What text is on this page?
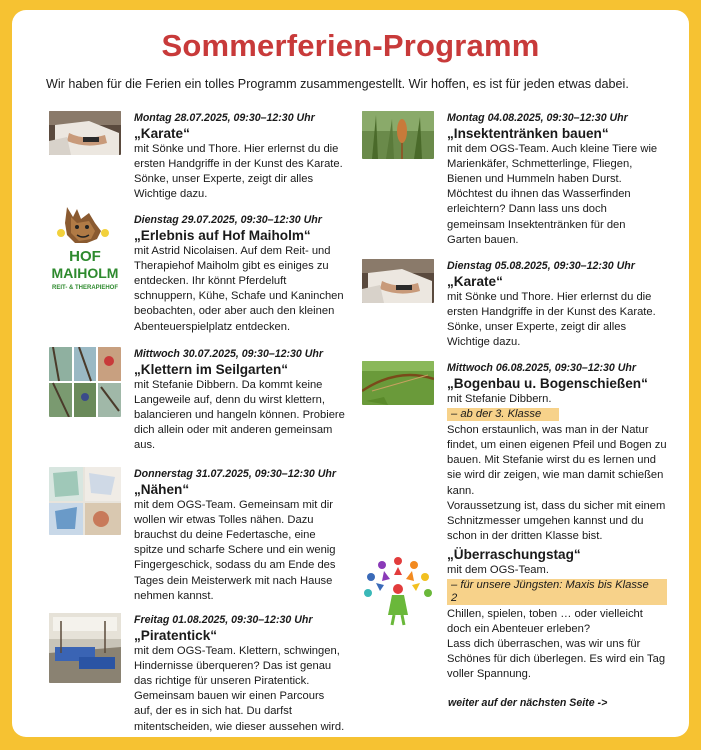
Sommerferien-Programm
Wir haben für die Ferien ein tolles Programm zusammengestellt. Wir hoffen, es ist für jeden etwas dabei.
Montag 28.07.2025, 09:30–12:30 Uhr
„Karate“
mit Sönke und Thore. Hier erlernst du die ersten Handgriffe in der Kunst des Karate. Sönke, unser Experte, zeigt dir alles Wichtige dazu.
HOF
MAIHOLM
REIT- & THERAPIEHOF
Dienstag 29.07.2025, 09:30–12:30 Uhr
„Erlebnis auf Hof Maiholm“
mit Astrid Nicolaisen. Auf dem Reit- und Therapiehof Maiholm gibt es einiges zu entdecken. Ihr könnt Pferdeluft schnuppern, Kühe, Schafe und Kaninchen beobachten, oder aber auch den kleinen Abenteuerspielplatz entdecken.
Mittwoch 30.07.2025, 09:30–12:30 Uhr
„Klettern im Seilgarten“
mit Stefanie Dibbern. Da kommt keine Langeweile auf, denn du wirst klettern, balancieren und hangeln können. Probiere dich allein oder mit anderen gemeinsam aus.
Donnerstag 31.07.2025, 09:30–12:30 Uhr
„Nähen“
mit dem OGS-Team. Gemeinsam mit dir wollen wir etwas Tolles nähen. Dazu brauchst du deine Federtasche, eine spitze und scharfe Schere und ein wenig Fingergeschick, sodass du am Ende des Tages dein Meisterwerk mit nach Hause nehmen kannst.
Freitag 01.08.2025, 09:30–12:30 Uhr
„Piratentick“
mit dem OGS-Team. Klettern, schwingen, Hindernisse überqueren? Das ist genau das richtige für unseren Piratentick. Gemeinsam bauen wir einen Parcours auf, der es in sich hat. Du darfst mitentscheiden, wie dieser aussehen wird.
Montag 04.08.2025, 09:30–12:30 Uhr
„Insektentränken bauen“
mit dem OGS-Team. Auch kleine Tiere wie Marienkäfer, Schmetterlinge, Fliegen, Bienen und Hummeln haben Durst. Möchtest du ihnen das Wasserfinden erleichtern? Dann lass uns doch gemeinsam Insektentränken für den Garten bauen.
Dienstag 05.08.2025, 09:30–12:30 Uhr
„Karate“
mit Sönke und Thore. Hier erlernst du die ersten Handgriffe in der Kunst des Karate. Sönke, unser Experte, zeigt dir alles Wichtige dazu.
Mittwoch 06.08.2025, 09:30–12:30 Uhr
„Bogenbau u. Bogenschießen“
mit Stefanie Dibbern.
– ab der 3. Klasse
Schon erstaunlich, was man in der Natur findet, um einen eigenen Pfeil und Bogen zu bauen. Mit Stefanie wirst du es lernen und sie wird dir zeigen, wie man damit schießen kann.
Voraussetzung ist, dass du sicher mit einem Schnitzmesser umgehen kannst und du schon in der dritten Klasse bist.
„Überraschungstag“
mit dem OGS-Team.
– für unsere Jüngsten: Maxis bis Klasse 2
Chillen, spielen, toben … oder vielleicht doch ein Abenteuer erleben?
Lass dich überraschen, was wir uns für Schönes für dich überlegen. Es wird ein Tag voller Spannung.
weiter auf der nächsten Seite ->
